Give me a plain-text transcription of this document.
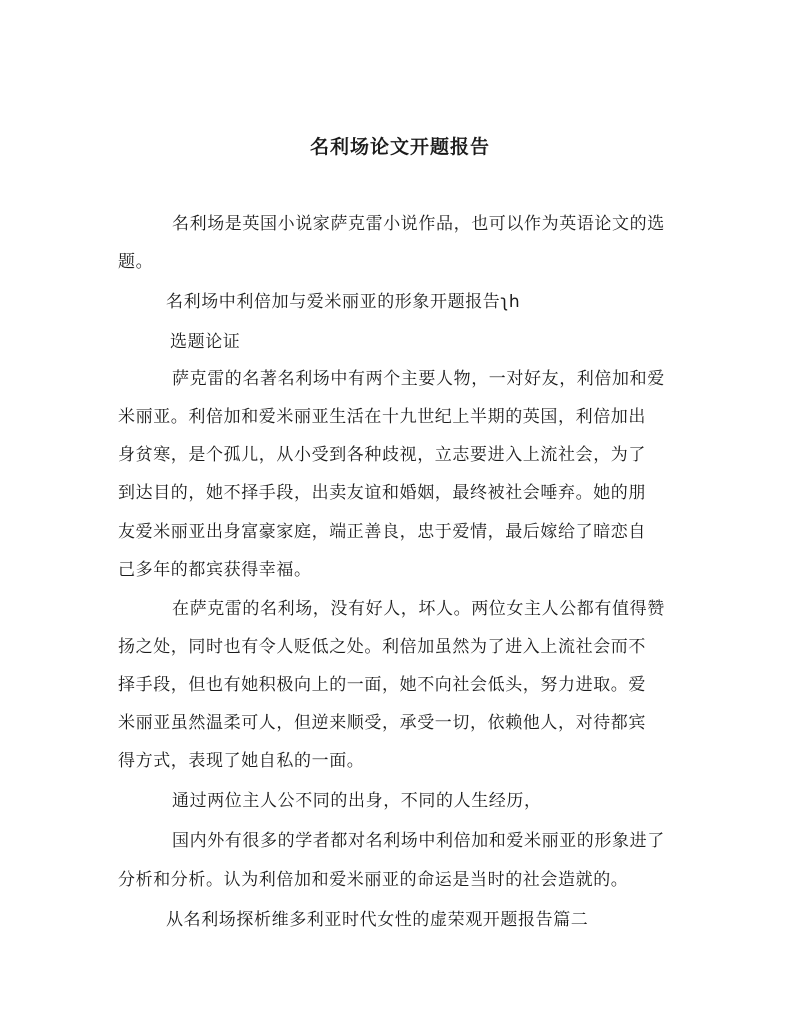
名利场论文开题报告
名利场是英国小说家萨克雷小说作品，也可以作为英语论文的选
题。
名利场中利倍加与爱米丽亚的形象开题报告ʅh
选题论证
萨克雷的名著名利场中有两个主要人物，一对好友，利倍加和爱
米丽亚。利倍加和爱米丽亚生活在十九世纪上半期的英国，利倍加出
身贫寒，是个孤儿，从小受到各种歧视，立志要进入上流社会，为了
到达目的，她不择手段，出卖友谊和婚姻，最终被社会唾弃。她的朋
友爱米丽亚出身富豪家庭，端正善良，忠于爱情，最后嫁给了暗恋自
己多年的都宾获得幸福。
在萨克雷的名利场，没有好人，坏人。两位女主人公都有值得赞
扬之处，同时也有令人贬低之处。利倍加虽然为了进入上流社会而不
择手段，但也有她积极向上的一面，她不向社会低头，努力进取。爱
米丽亚虽然温柔可人，但逆来顺受，承受一切，依赖他人，对待都宾
得方式，表现了她自私的一面。
通过两位主人公不同的出身，不同的人生经历，
国内外有很多的学者都对名利场中利倍加和爱米丽亚的形象进了
分析和分析。认为利倍加和爱米丽亚的命运是当时的社会造就的。
从名利场探析维多利亚时代女性的虚荣观开题报告篇二
